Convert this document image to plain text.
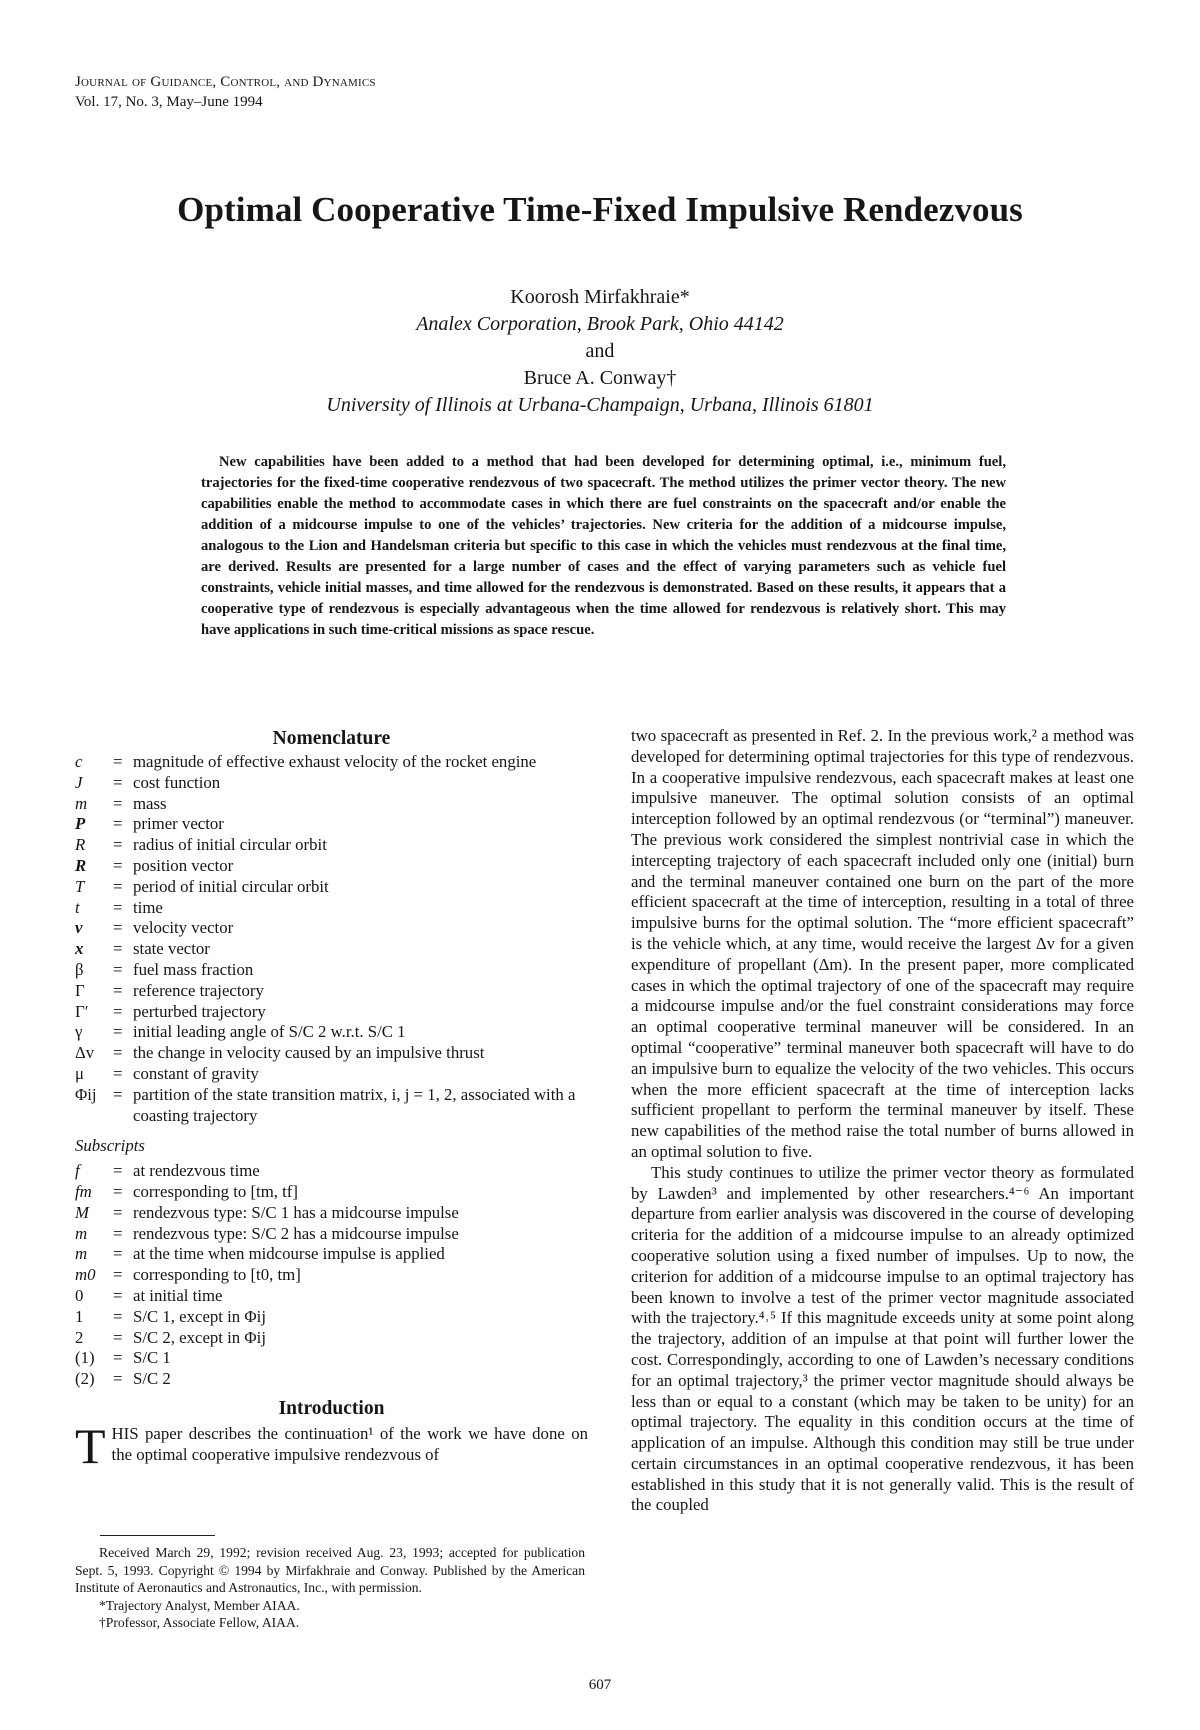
Journal of Guidance, Control, and Dynamics
Vol. 17, No. 3, May–June 1994
Optimal Cooperative Time-Fixed Impulsive Rendezvous
Koorosh Mirfakhraie*
Analex Corporation, Brook Park, Ohio 44142
and
Bruce A. Conway†
University of Illinois at Urbana-Champaign, Urbana, Illinois 61801
New capabilities have been added to a method that had been developed for determining optimal, i.e., minimum fuel, trajectories for the fixed-time cooperative rendezvous of two spacecraft. The method utilizes the primer vector theory. The new capabilities enable the method to accommodate cases in which there are fuel constraints on the spacecraft and/or enable the addition of a midcourse impulse to one of the vehicles’ trajectories. New criteria for the addition of a midcourse impulse, analogous to the Lion and Handelsman criteria but specific to this case in which the vehicles must rendezvous at the final time, are derived. Results are presented for a large number of cases and the effect of varying parameters such as vehicle fuel constraints, vehicle initial masses, and time allowed for the rendezvous is demonstrated. Based on these results, it appears that a cooperative type of rendezvous is especially advantageous when the time allowed for rendezvous is relatively short. This may have applications in such time-critical missions as space rescue.
Nomenclature
c	= magnitude of effective exhaust velocity of the rocket engine
J	= cost function
m	= mass
P	= primer vector
R	= radius of initial circular orbit
R	= position vector
T	= period of initial circular orbit
t	= time
v	= velocity vector
x	= state vector
β	= fuel mass fraction
Γ	= reference trajectory
Γ′	= perturbed trajectory
γ	= initial leading angle of S/C 2 w.r.t. S/C 1
Δv	= the change in velocity caused by an impulsive thrust
μ	= constant of gravity
Φij = partition of the state transition matrix, i, j = 1, 2, associated with a coasting trajectory
Subscripts
f	= at rendezvous time
fm	= corresponding to [tm, tf]
M	= rendezvous type: S/C 1 has a midcourse impulse
m	= rendezvous type: S/C 2 has a midcourse impulse
m	= at the time when midcourse impulse is applied
m0	= corresponding to [t0, tm]
0	= at initial time
1	= S/C 1, except in Φij
2	= S/C 2, except in Φij
(1)	= S/C 1
(2)	= S/C 2
Introduction
THIS paper describes the continuation¹ of the work we have done on the optimal cooperative impulsive rendezvous of

two spacecraft as presented in Ref. 2. In the previous work,² a method was developed for determining optimal trajectories for this type of rendezvous. In a cooperative impulsive rendezvous, each spacecraft makes at least one impulsive maneuver. The optimal solution consists of an optimal interception followed by an optimal rendezvous (or “terminal”) maneuver. The previous work considered the simplest nontrivial case in which the intercepting trajectory of each spacecraft included only one (initial) burn and the terminal maneuver contained one burn on the part of the more efficient spacecraft at the time of interception, resulting in a total of three impulsive burns for the optimal solution. The “more efficient spacecraft” is the vehicle which, at any time, would receive the largest Δv for a given expenditure of propellant (Δm). In the present paper, more complicated cases in which the optimal trajectory of one of the spacecraft may require a midcourse impulse and/or the fuel constraint considerations may force an optimal cooperative terminal maneuver will be considered. In an optimal “cooperative” terminal maneuver both spacecraft will have to do an impulsive burn to equalize the velocity of the two vehicles. This occurs when the more efficient spacecraft at the time of interception lacks sufficient propellant to perform the terminal maneuver by itself. These new capabilities of the method raise the total number of burns allowed in an optimal solution to five.

This study continues to utilize the primer vector theory as formulated by Lawden³ and implemented by other researchers.⁴⁻⁶ An important departure from earlier analysis was discovered in the course of developing criteria for the addition of a midcourse impulse to an already optimized cooperative solution using a fixed number of impulses. Up to now, the criterion for addition of a midcourse impulse to an optimal trajectory has been known to involve a test of the primer vector magnitude associated with the trajectory.⁴˒⁵ If this magnitude exceeds unity at some point along the trajectory, addition of an impulse at that point will further lower the cost. Correspondingly, according to one of Lawden’s necessary conditions for an optimal trajectory,³ the primer vector magnitude should always be less than or equal to a constant (which may be taken to be unity) for an optimal trajectory. The equality in this condition occurs at the time of application of an impulse. Although this condition may still be true under certain circumstances in an optimal cooperative rendezvous, it has been established in this study that it is not generally valid. This is the result of the coupled

Received March 29, 1992; revision received Aug. 23, 1993; accepted for publication Sept. 5, 1993. Copyright © 1994 by Mirfakhraie and Conway. Published by the American Institute of Aeronautics and Astronautics, Inc., with permission.

*Trajectory Analyst, Member AIAA.

†Professor, Associate Fellow, AIAA.

607
